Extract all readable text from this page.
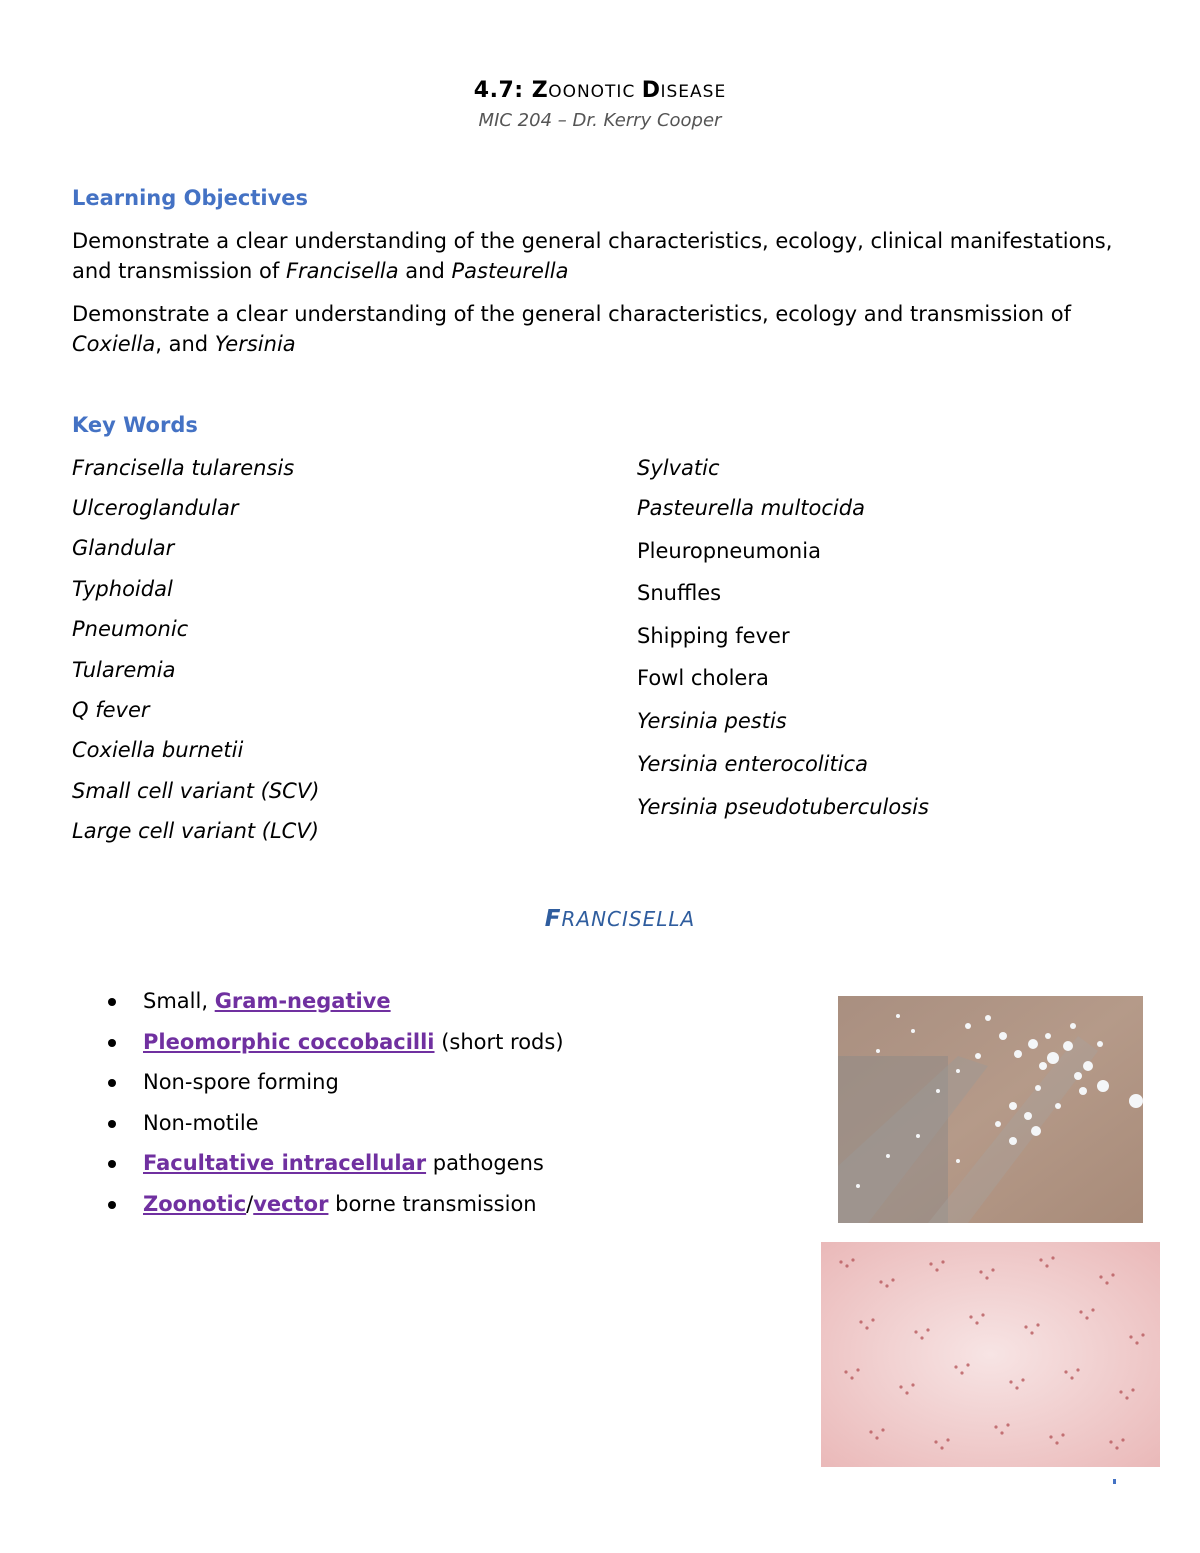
4.7: ZOONOTIC DISEASE
MIC 204 – Dr. Kerry Cooper
Learning Objectives
Demonstrate a clear understanding of the general characteristics, ecology, clinical manifestations, and transmission of Francisella and Pasteurella
Demonstrate a clear understanding of the general characteristics, ecology and transmission of Coxiella, and Yersinia
Key Words
Francisella tularensis
Ulceroglandular
Glandular
Typhoidal
Pneumonic
Tularemia
Q fever
Coxiella burnetii
Small cell variant (SCV)
Large cell variant (LCV)
Sylvatic
Pasteurella multocida
Pleuropneumonia
Snuffles
Shipping fever
Fowl cholera
Yersinia pestis
Yersinia enterocolitica
Yersinia pseudotuberculosis
FRANCISELLA
Small, Gram-negative
Pleomorphic coccobacilli (short rods)
Non-spore forming
Non-motile
Facultative intracellular pathogens
Zoonotic/vector borne transmission
